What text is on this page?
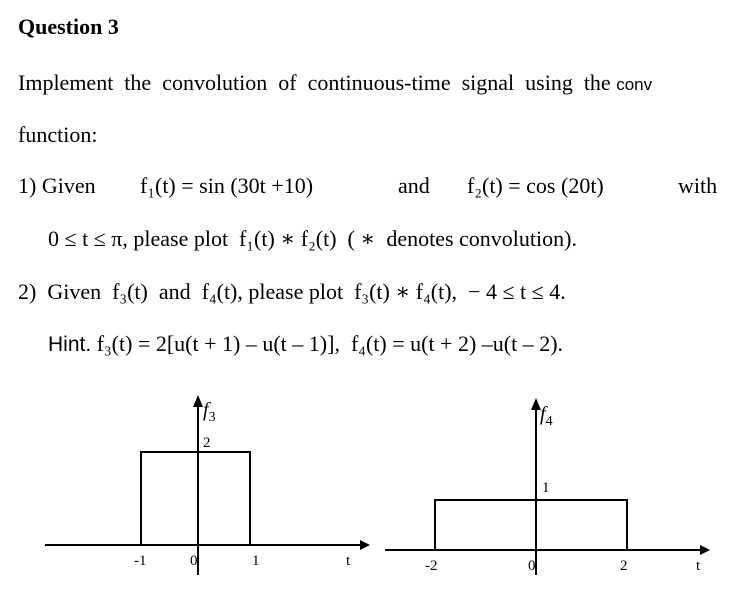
Question 3
Implement  the  convolution  of  continuous-time  signal  using  the conv
function:
1) Given f₁(t) = sin (30t +10)	and f₂(t) = cos (20t)	with
0 ≤ t ≤ π, please plot  f₁(t) ∗ f₂(t)  ( ∗  denotes convolution).
2)  Given  f₃(t)  and  f₄(t), please plot  f₃(t) ∗ f₄(t),  − 4 ≤ t ≤ 4.
Hint. f₃(t) = 2[u(t + 1) – u(t – 1)],  f₄(t) = u(t + 2) –u(t – 2).
$f_3$
2
-1	0	1	t
$f_4$
1
-2	0	2	t
